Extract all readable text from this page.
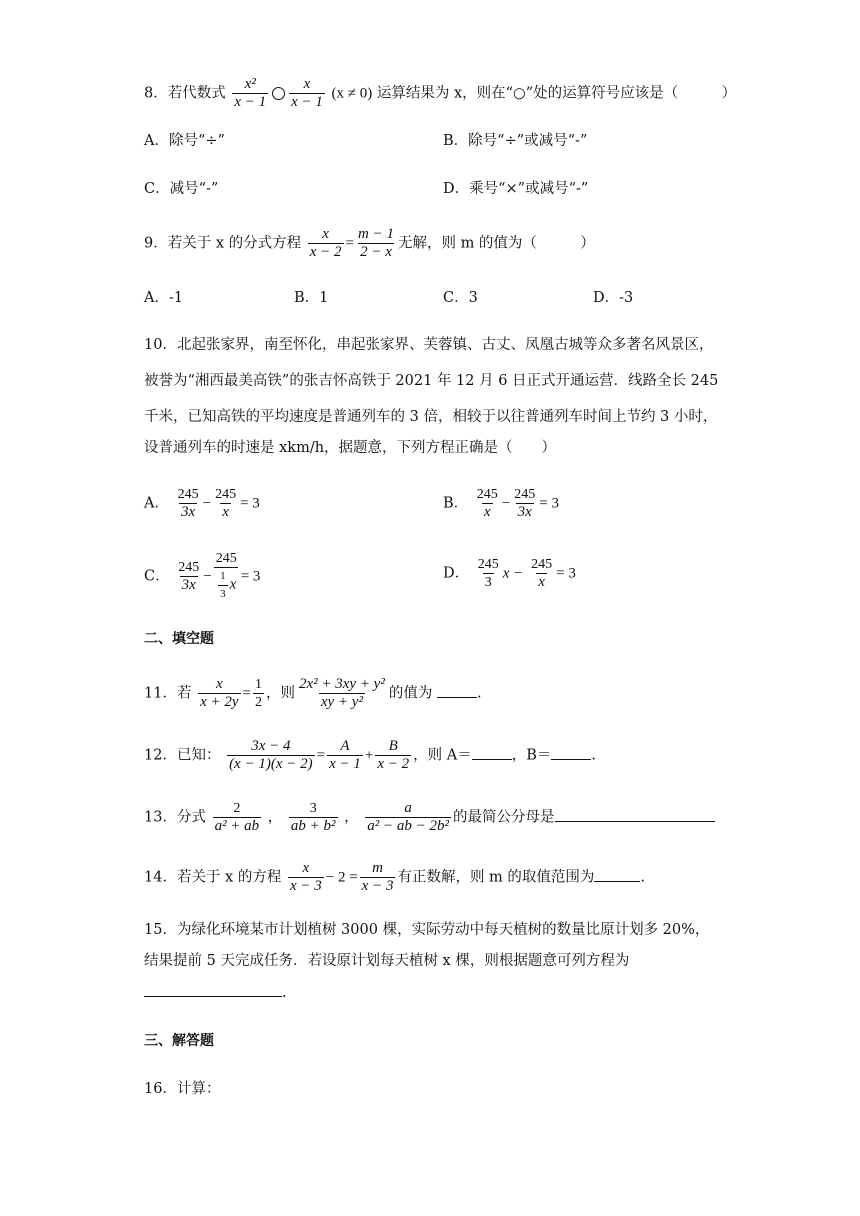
8．若代数式 $\frac{\text{x²}}{x - 1} \frac{x}{x - 1} (x \ne 0)$ 运算结果为 x，则在“○”处的运算符号应该是（　　　）
A．除号“÷”	B．除号“÷”或减号“-”
C．减号“-”	D．乘号“×”或减号“-”
9．若关于 x 的分式方程 $\frac{x}{x - 2} = \frac{m - 1}{2 - x}$ 无解，则 m 的值为（　　　）
A．-1	B．1	C．3	D．-3
10．北起张家界，南至怀化，串起张家界、芙蓉镇、古丈、凤凰古城等众多著名风景区，
被誉为“湘西最美高铁”的张吉怀高铁于 2021 年 12 月 6 日正式开通运营．线路全长 245
千米，已知高铁的平均速度是普通列车的 3 倍，相较于以往普通列车时间上节约 3 小时，
设普通列车的时速是 xkm/h，据题意，下列方程正确是（　　）
A． $\frac{245}{3x} - \frac{245}{x} = 3$	B． $\frac{245}{x} - \frac{245}{3x} = 3$
C． $\frac{245}{3x} - \frac{245}{\frac{1}{3} x} = 3$	D． $\frac{245}{3}$ $x - \frac{245}{x} = 3$
二、填空题
11．若 $\frac{x}{x + 2y} = \frac{1}{2}$ ，则 $\frac{\text{2x² + 3xy + y²}}{\text{xy + y²}}$ 的值为	.
12．已知： $\frac{3x - 4}{(x - 1)(x - 2)} = \frac{A}{x - 1} + \frac{B}{x - 2}$ ，则 A＝	，B＝	.
13．分式 $\frac{2}{\text{a² + ab}}$ ， $\frac{3}{\text{ab + b²}}$ ， $\frac{a}{\text{a² − ab − 2b²}}$ 的最简公分母是
14．若关于 x 的方程 $\frac{x}{x - 3} - 2 = \frac{m}{x - 3}$ 有正数解，则 m 的取值范围为	.
15．为绿化环境某市计划植树 3000 棵，实际劳动中每天植树的数量比原计划多 20%，
结果提前 5 天完成任务．若设原计划每天植树 x 棵，则根据题意可列方程为
.
三、解答题
16．计算：
